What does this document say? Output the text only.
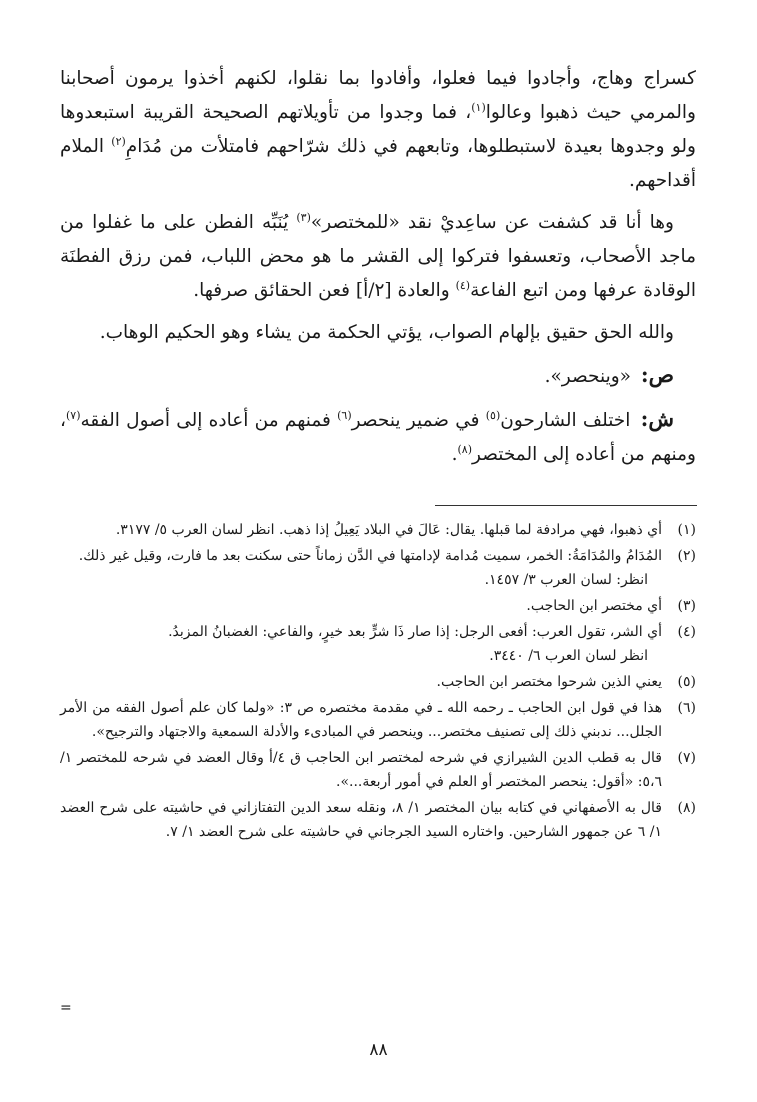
كسراج وهاج، وأجادوا فيما فعلوا، وأفادوا بما نقلوا، لكنهم أخذوا يرمون أصحابنا والمرمي حيث ذهبوا وعالوا$^{(١)}$، فما وجدوا من تأويلاتهم الصحيحة القريبة استبعدوها ولو وجدوها بعيدة لاستبطلوها، وتابعهم في ذلك شرّاحهم فامتلأت من مُدَامِ$^{(٢)}$ الملام أقداحهم.

وها أنا قد كشفت عن ساعِديْ نقد «للمختصر»$^{(٣)}$ يُنَبِّه الفطن على ما غفلوا من ماجد الأصحاب، وتعسفوا فتركوا إلى القشر ما هو محض اللباب، فمن رزق الفطنَة الوقادة عرفها ومن اتبع الفاعة$^{(٤)}$ والعادة [٢/أ] فعن الحقائق صرفها.

والله الحق حقيق بإلهام الصواب، يؤتي الحكمة من يشاء وهو الحكيم الوهاب.

ص: «وينحصر».

ش: اختلف الشارحون$^{(٥)}$ في ضمير ينحصر$^{(٦)}$ فمنهم من أعاده إلى أصول الفقه$^{(٧)}$، ومنهم من أعاده إلى المختصر$^{(٨)}$.

(١)
أي ذهبوا، فهي مرادفة لما قبلها. يقال: عَالَ في البلاد يَعِيلُ إذا ذهب. انظر لسان العرب ٥/ ٣١٧٧.
(٢)
المُدَامُ والمُدَامَةُ: الخمر، سميت مُدامة لإدامتها في الدَّن زماناً حتى سكنت بعد ما فارت، وقيل غير ذلك.
انظر: لسان العرب ٣/ ١٤٥٧.
(٣)
أي مختصر ابن الحاجب.
(٤)
أي الشر، تقول العرب: أفعى الرجل: إذا صار ذَا شرٍّ بعد خيرٍ، والفاعي: الغضبانُ المزبدُ.
انظر لسان العرب ٦/ ٣٤٤٠.
(٥)
يعني الذين شرحوا مختصر ابن الحاجب.
(٦)
هذا في قول ابن الحاجب ـ رحمه الله ـ في مقدمة مختصره ص ٣: «ولما كان علم أصول الفقه من الأمر الجلل... ندبني ذلك إلى تصنيف مختصر... وينحصر في المبادىء والأدلة السمعية والاجتهاد والترجيح».
(٧)
قال به قطب الدين الشيرازي في شرحه لمختصر ابن الحاجب ق ٤/أ وقال العضد في شرحه للمختصر ١/ ٥،٦: «أقول: ينحصر المختصر أو العلم في أمور أربعة...».
(٨)
قال به الأصفهاني في كتابه بيان المختصر ١/ ٨، ونقله سعد الدين التفتازاني في حاشيته على شرح العضد ١/ ٦ عن جمهور الشارحين. واختاره السيد الجرجاني في حاشيته على شرح العضد ١/ ٧.
=
٨٨
